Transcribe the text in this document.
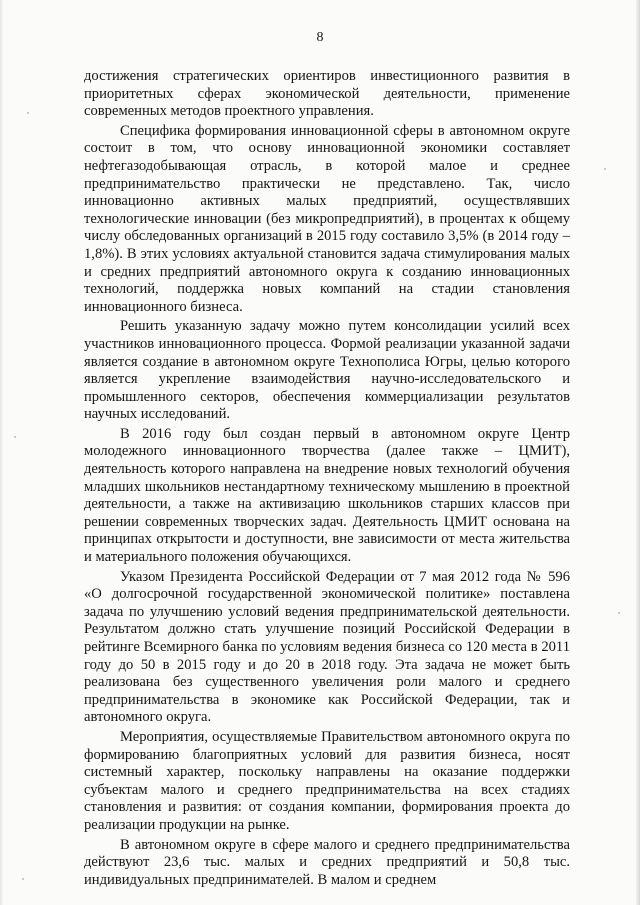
8

достижения стратегических ориентиров инвестиционного развития в приоритетных сферах экономической деятельности, применение современных методов проектного управления.

Специфика формирования инновационной сферы в автономном округе состоит в том, что основу инновационной экономики составляет нефтегазодобывающая отрасль, в которой малое и среднее предпринимательство практически не представлено. Так, число инновационно активных малых предприятий, осуществлявших технологические инновации (без микропредприятий), в процентах к общему числу обследованных организаций в 2015 году составило 3,5% (в 2014 году – 1,8%). В этих условиях актуальной становится задача стимулирования малых и средних предприятий автономного округа к созданию инновационных технологий, поддержка новых компаний на стадии становления инновационного бизнеса.

Решить указанную задачу можно путем консолидации усилий всех участников инновационного процесса. Формой реализации указанной задачи является создание в автономном округе Технополиса Югры, целью которого является укрепление взаимодействия научно-исследовательского и промышленного секторов, обеспечения коммерциализации результатов научных исследований.

В 2016 году был создан первый в автономном округе Центр молодежного инновационного творчества (далее также – ЦМИТ), деятельность которого направлена на внедрение новых технологий обучения младших школьников нестандартному техническому мышлению в проектной деятельности, а также на активизацию школьников старших классов при решении современных творческих задач. Деятельность ЦМИТ основана на принципах открытости и доступности, вне зависимости от места жительства и материального положения обучающихся.

Указом Президента Российской Федерации от 7 мая 2012 года № 596 «О долгосрочной государственной экономической политике» поставлена задача по улучшению условий ведения предпринимательской деятельности. Результатом должно стать улучшение позиций Российской Федерации в рейтинге Всемирного банка по условиям ведения бизнеса со 120 места в 2011 году до 50 в 2015 году и до 20 в 2018 году. Эта задача не может быть реализована без существенного увеличения роли малого и среднего предпринимательства в экономике как Российской Федерации, так и автономного округа.

Мероприятия, осуществляемые Правительством автономного округа по формированию благоприятных условий для развития бизнеса, носят системный характер, поскольку направлены на оказание поддержки субъектам малого и среднего предпринимательства на всех стадиях становления и развития: от создания компании, формирования проекта до реализации продукции на рынке.

В автономном округе в сфере малого и среднего предпринимательства действуют 23,6 тыс. малых и средних предприятий и 50,8 тыс. индивидуальных предпринимателей. В малом и среднем
